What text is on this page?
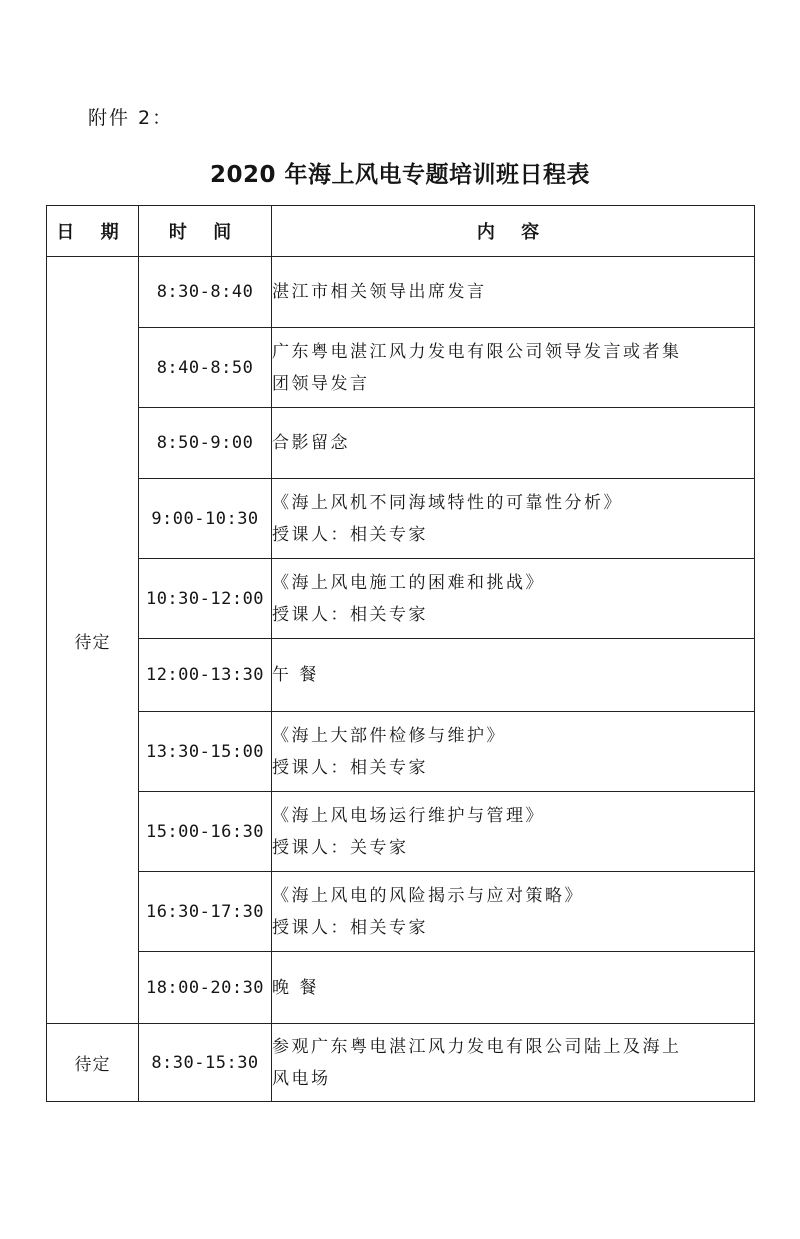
附件 2：
2020 年海上风电专题培训班日程表
日 期	时 间	内 容
待定	8:30-8:40	湛江市相关领导出席发言

	8:40-8:50	广东粤电湛江风力发电有限公司领导发言或者集
团领导发言

	8:50-9:00	合影留念

	9:00-10:30	《海上风机不同海域特性的可靠性分析》
授课人：相关专家

	10:30-12:00	《海上风电施工的困难和挑战》
授课人：相关专家

	12:00-13:30	午 餐

	13:30-15:00	《海上大部件检修与维护》
授课人：相关专家

	15:00-16:30	《海上风电场运行维护与管理》
授课人：关专家

	16:30-17:30	《海上风电的风险揭示与应对策略》
授课人：相关专家

	18:00-20:30	晚 餐

待定	8:30-15:30	参观广东粤电湛江风力发电有限公司陆上及海上
风电场
